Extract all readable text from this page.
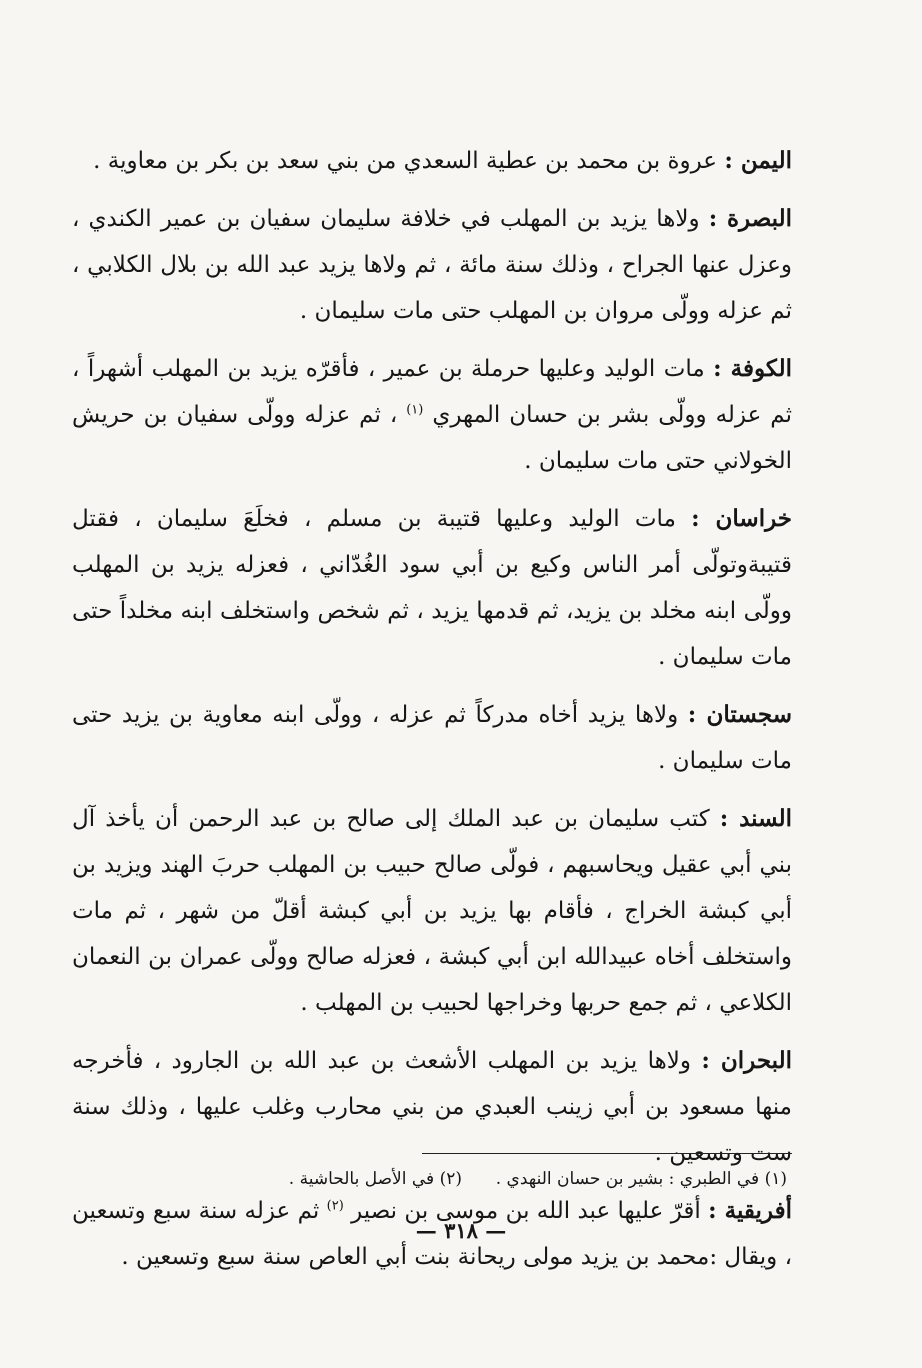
اليمن : عروة بن محمد بن عطية السعدي من بني سعد بن بكر بن معاوية .

البصرة : ولاها يزيد بن المهلب في خلافة سليمان سفيان بن عمير الكندي ، وعزل عنها الجراح ، وذلك سنة مائة ، ثم ولاها يزيد عبد الله بن بلال الكلابي ، ثم عزله وولّى مروان بن المهلب حتى مات سليمان .

الكوفة : مات الوليد وعليها حرملة بن عمير ، فأقرّه يزيد بن المهلب أشهراً ، ثم عزله وولّى بشر بن حسان المهري $^{(١)}$ ، ثم عزله وولّى سفيان بن حريش الخولاني حتى مات سليمان .

خراسان : مات الوليد وعليها قتيبة بن مسلم ، فخلَعَ سليمان ، فقتل قتيبةوتولّى أمر الناس وكيع بن أبي سود الغُدّاني ، فعزله يزيد بن المهلب وولّى ابنه مخلد بن يزيد، ثم قدمها يزيد ، ثم شخص واستخلف ابنه مخلداً حتى مات سليمان .

سجستان : ولاها يزيد أخاه مدركاً ثم عزله ، وولّى ابنه معاوية بن يزيد حتى مات سليمان .

السند : كتب سليمان بن عبد الملك إلى صالح بن عبد الرحمن أن يأخذ آل بني أبي عقيل ويحاسبهم ، فولّى صالح حبيب بن المهلب حربَ الهند ويزيد بن أبي كبشة الخراج ، فأقام بها يزيد بن أبي كبشة أقلّ من شهر ، ثم مات واستخلف أخاه عبيدالله ابن أبي كبشة ، فعزله صالح وولّى عمران بن النعمان الكلاعي ، ثم جمع حربها وخراجها لحبيب بن المهلب .

البحران : ولاها يزيد بن المهلب الأشعث بن عبد الله بن الجارود ، فأخرجه منها مسعود بن أبي زينب العبدي من بني محارب وغلب عليها ، وذلك سنة ست وتسعين .

أفريقية : أقرّ عليها عبد الله بن موسى بن نصير $^{(٢)}$ ثم عزله سنة سبع وتسعين ، ويقال :محمد بن يزيد مولى ريحانة بنت أبي العاص سنة سبع وتسعين .

(١) في الطبري : بشير بن حسان النهدي .
(٢) في الأصل بالحاشية .
— ٣١٨ —
